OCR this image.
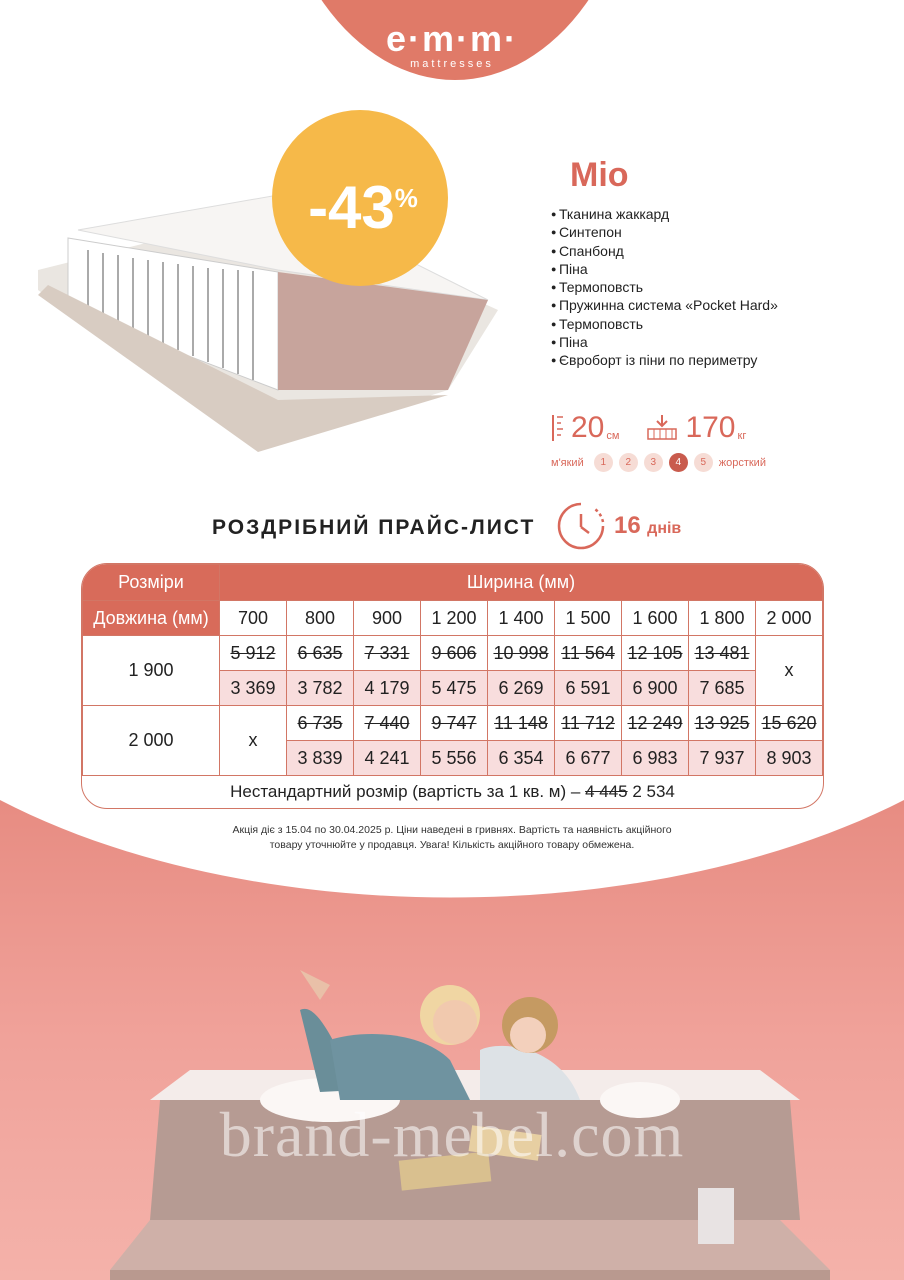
brand-mebel.com
e·m·m·
mattresses
-43%
Mio
● Тканина жаккард
● Синтепон
● Спанбонд
● Піна
● Термоповсть
● Пружинна система «Pocket Hard»
● Термоповсть
● Піна
● Євроборт із піни по периметру
20 см 170 кг
м'який	1	2	3	4	5	жорсткий
РОЗДРІБНИЙ ПРАЙС-ЛИСТ	16 днів
Розміри	Ширина (мм)								
Довжина (мм)	700	800	900	1 200	1 400	1 500	1 600	1 800	2 000
1 900	5 912	6 635	7 331	9 606	10 998	11 564	12 105	13 481	x
	3 369	3 782	4 179	5 475	6 269	6 591	6 900	7 685	
2 000	x	6 735	7 440	9 747	11 148	11 712	12 249	13 925	15 620
		3 839	4 241	5 556	6 354	6 677	6 983	7 937	8 903
Нестандартний розмір (вартість за 1 кв. м) – 4 445 2 534
Акція діє з 15.04 по 30.04.2025 р. Ціни наведені в гривнях. Вартість та наявність акційного
товару уточнюйте у продавця. Увага! Кількість акційного товару обмежена.
